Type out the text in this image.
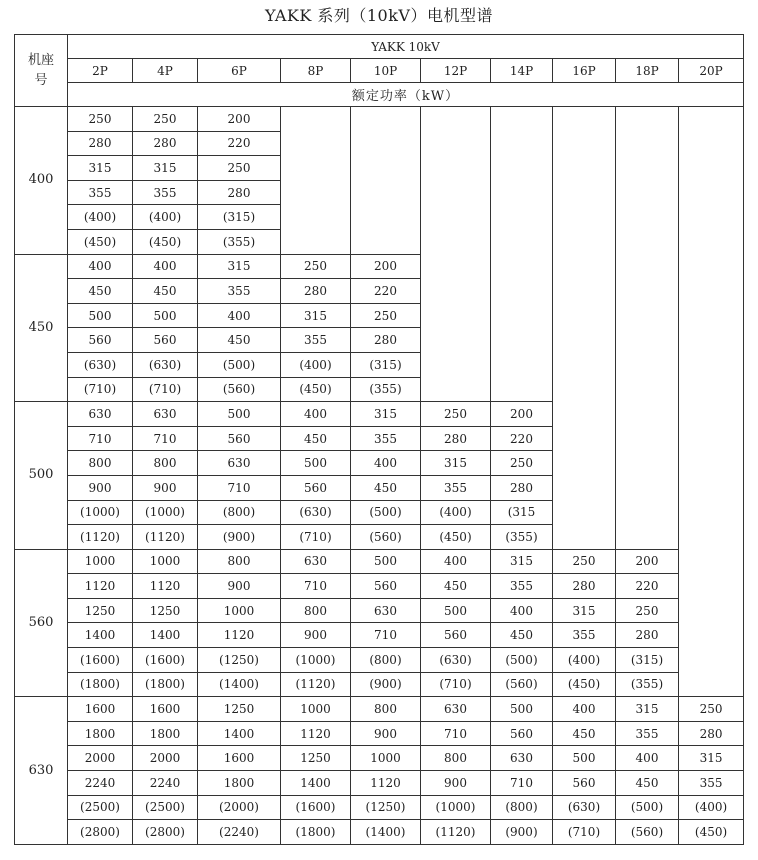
YAKK 系列（10kV）电机型谱
机座
号	YAKK 10kV									
	2P	4P	6P	8P	10P	12P	14P	16P	18P	20P
	额定功率（kW）									
400	250	250	200							
	280	280	220							
	315	315	250							
	355	355	280							
	(400)	(400)	(315)							
	(450)	(450)	(355)							
450	400	400	315	250	200					
	450	450	355	280	220					
	500	500	400	315	250					
	560	560	450	355	280					
	(630)	(630)	(500)	(400)	(315)					
	(710)	(710)	(560)	(450)	(355)					
500	630	630	500	400	315	250	200			
	710	710	560	450	355	280	220			
	800	800	630	500	400	315	250			
	900	900	710	560	450	355	280			
	(1000)	(1000)	(800)	(630)	(500)	(400)	(315			
	(1120)	(1120)	(900)	(710)	(560)	(450)	(355)			
560	1000	1000	800	630	500	400	315	250	200	
	1120	1120	900	710	560	450	355	280	220	
	1250	1250	1000	800	630	500	400	315	250	
	1400	1400	1120	900	710	560	450	355	280	
	(1600)	(1600)	(1250)	(1000)	(800)	(630)	(500)	(400)	(315)	
	(1800)	(1800)	(1400)	(1120)	(900)	(710)	(560)	(450)	(355)	
630	1600	1600	1250	1000	800	630	500	400	315	250
	1800	1800	1400	1120	900	710	560	450	355	280
	2000	2000	1600	1250	1000	800	630	500	400	315
	2240	2240	1800	1400	1120	900	710	560	450	355
	(2500)	(2500)	(2000)	(1600)	(1250)	(1000)	(800)	(630)	(500)	(400)
	(2800)	(2800)	(2240)	(1800)	(1400)	(1120)	(900)	(710)	(560)	(450)
